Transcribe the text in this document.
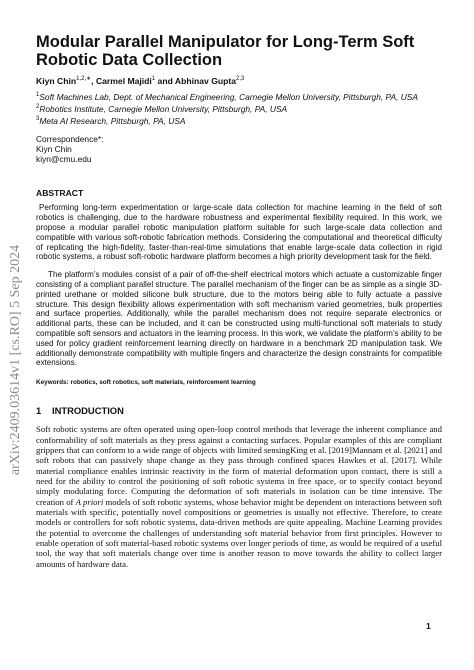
arXiv:2409.03614v1 [cs.RO] 5 Sep 2024
Modular Parallel Manipulator for Long-Term Soft Robotic Data Collection
Kiyn Chin$^{1,2,∗}$, Carmel Majidi$^1$ and Abhinav Gupta$^{2,3}$
$^1$Soft Machines Lab, Dept. of Mechanical Engineering, Carnegie Mellon University, Pittsburgh, PA, USA
$^2$Robotics Institute, Carnegie Mellon University, Pittsburgh, PA, USA
$^3$Meta AI Research, Pittsburgh, PA, USA
Correspondence*:
Kiyn Chin
kiyn@cmu.edu
ABSTRACT

Performing long-term experimentation or large-scale data collection for machine learning in the field of soft robotics is challenging, due to the hardware robustness and experimental flexibility required. In this work, we propose a modular parallel robotic manipulation platform suitable for such large-scale data collection and compatible with various soft-robotic fabrication methods. Considering the computational and theoretical difficulty of replicating the high-fidelity, faster-than-real-time simulations that enable large-scale data collection in rigid robotic systems, a robust soft-robotic hardware platform becomes a high priority development task for the field.

The platform’s modules consist of a pair of off-the-shelf electrical motors which actuate a customizable finger consisting of a compliant parallel structure. The parallel mechanism of the finger can be as simple as a single 3D-printed urethane or molded silicone bulk structure, due to the motors being able to fully actuate a passive structure. This design flexibility allows experimentation with soft mechanism varied geometries, bulk properties and surface properties. Additionally, while the parallel mechanism does not require separate electronics or additional parts, these can be included, and it can be constructed using multi-functional soft materials to study compatible soft sensors and actuators in the learning process. In this work, we validate the platform’s ability to be used for policy gradient reinforcement learning directly on hardware in a benchmark 2D manipulation task. We additionally demonstrate compatibility with multiple fingers and characterize the design constraints for compatible extensions.

Keywords: robotics, soft robotics, soft materials, reinforcement learning
1	INTRODUCTION

Soft robotic systems are often operated using open-loop control methods that leverage the inherent compliance and conformability of soft materials as they press against a contacting surfaces. Popular examples of this are compliant grippers that can conform to a wide range of objects with limited sensingKing et al. [2019]Mannam et al. [2021] and soft robots that can passively shape change as they pass through confined spaces Hawkes et al. [2017]. While material compliance enables intrinsic reactivity in the form of material deformation upon contact, there is still a need for the ability to control the positioning of soft robotic systems in free space, or to specify contact beyond simply modulating force. Computing the deformation of soft materials in isolation can be time intensive. The creation of A priori models of soft robotic systems, whose behavior might be dependent on interactions between soft materials with specific, potentially novel compositions or geometries is usually not effective. Therefore, to create models or controllers for soft robotic systems, data-driven methods are quite appealing. Machine Learning provides the potential to overcome the challenges of understanding soft material behavior from first principles. However to enable operation of soft material-based robotic systems over longer periods of time, as would be required of a useful tool, the way that soft materials change over time is another reason to move towards the ability to collect larger amounts of hardware data.

1
